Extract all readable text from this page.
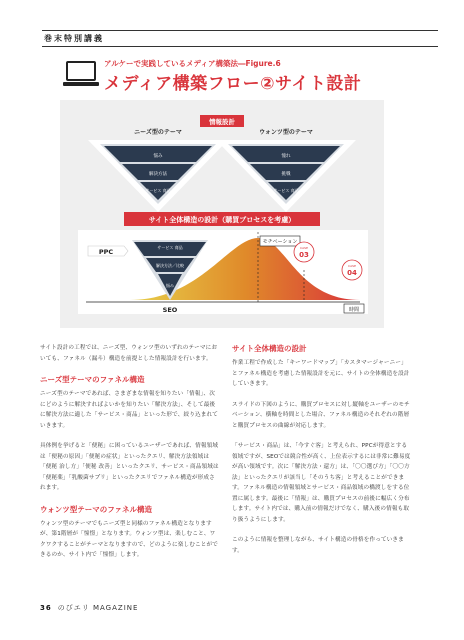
巻末特別講義
アルケーで実践しているメディア構築法―Figure.6
メディア構築フロー②サイト設計
ニーズ型のテーマ	ウォンツ型のテーマ
情報設計
悩み
解決方法
サービス 商品
憧れ
挑戦
サービス 商品
サイト全体構造の設計（購買プロセスを考慮）
サービス 商品
解決方法／比較
悩み
PPC
SEO
モチベーション
CASE
03
CASE
04
時間

サイト設計の工程では、ニーズ型、ウォンツ型のいずれのテーマにおいても、ファネル（漏斗）構造を前提とした情報設計を行います。

ニーズ型テーマのファネル構造

ニーズ型のテーマであれば、さまざまな情報を知りたい「情報」、次にどのように解決すればよいかを知りたい「解決方法」、そして最後に解決方法に適した「サービス・商品」といった形で、絞り込まれていきます。

具体例を挙げると「便秘」に困っているユーザーであれば、情報領域は「便秘の原因」「便秘の症状」といったクエリ、解決方法領域は「便秘 治し方」「便秘 改善」といったクエリ、サービス・商品領域は「便秘薬」「乳酸菌サプリ」といったクエリでファネル構造が形成されます。

ウォンツ型テーマのファネル構造

ウォンツ型のテーマでもニーズ型と同様のファネル構造となりますが、第1階層が「憧憬」となります。ウォンツ型は、楽しむこと、ワクワクすることがテーマとなりますので、どのように楽しむことができるのか、サイト内で「憧憬」します。

サイト全体構造の設計

作業工程で作成した「キーワードマップ」「カスタマージャーニー」とファネル構造を考慮した情報設計を元に、サイトの全体構造を設計していきます。

スライドの下図のように、購買プロセスに対し縦軸をユーザーのモチベーション、横軸を時間とした場合、ファネル構造のそれぞれの階層と購買プロセスの曲線が対応します。

「サービス・商品」は、「今すぐ客」と考えられ、PPCが得意とする領域ですが、SEOでは競合性が高く、上位表示するには非常に難易度が高い領域です。次に「解決方法・還方」は、「〇〇選び方」「〇〇方法」といったクエリが該当し「そのうち客」と考えることができます。ファネル構造の情報領域とサービス・商品領域の橋渡しをする位置に属します。最後に「情報」は、購買プロセスの前後に幅広く分布します。サイト内では、購入前の情報だけでなく、購入後の情報も取り扱うようにします。

このように情報を整理しながら、サイト構造の骨格を作っていきます。

36 のびエリ MAGAZINE
